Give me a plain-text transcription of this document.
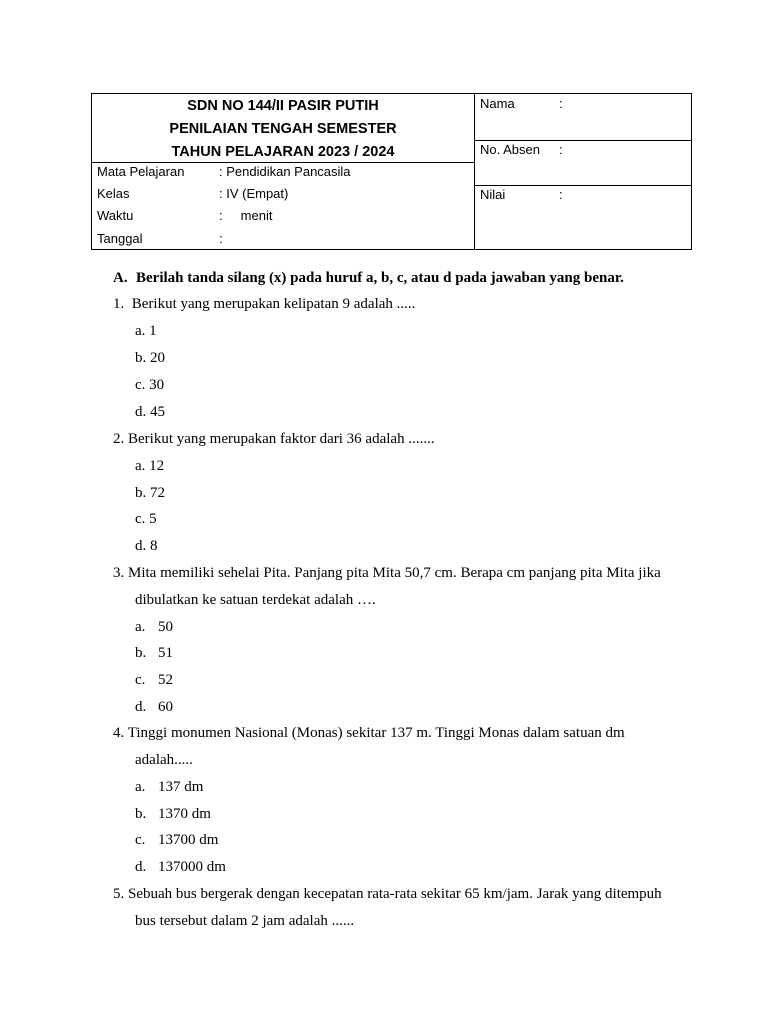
SDN NO 144/II PASIR PUTIH
PENILAIAN TENGAH SEMESTER
TAHUN PELAJARAN 2023 / 2024
Mata Pelajaran	: Pendidikan Pancasila
Kelas	: IV (Empat)
Waktu	:     menit
Tanggal	:
Nama	:
No. Absen :
Nilai	:
A. Berilah tanda silang (x) pada huruf a, b, c, atau d pada jawaban yang benar.
1.  Berikut yang merupakan kelipatan 9 adalah .....
a. 1
b. 20
c. 30
d. 45
2. Berikut yang merupakan faktor dari 36 adalah .......
a. 12
b. 72
c. 5
d. 8
3. Mita memiliki sehelai Pita. Panjang pita Mita 50,7 cm. Berapa cm panjang pita Mita jika
dibulatkan ke satuan terdekat adalah ….
a. 50
b. 51
c. 52
d. 60
4. Tinggi monumen Nasional (Monas) sekitar 137 m. Tinggi Monas dalam satuan dm
adalah.....
a. 137 dm
b. 1370 dm
c. 13700 dm
d. 137000 dm
5. Sebuah bus bergerak dengan kecepatan rata-rata sekitar 65 km/jam. Jarak yang ditempuh
bus tersebut dalam 2 jam adalah ......
